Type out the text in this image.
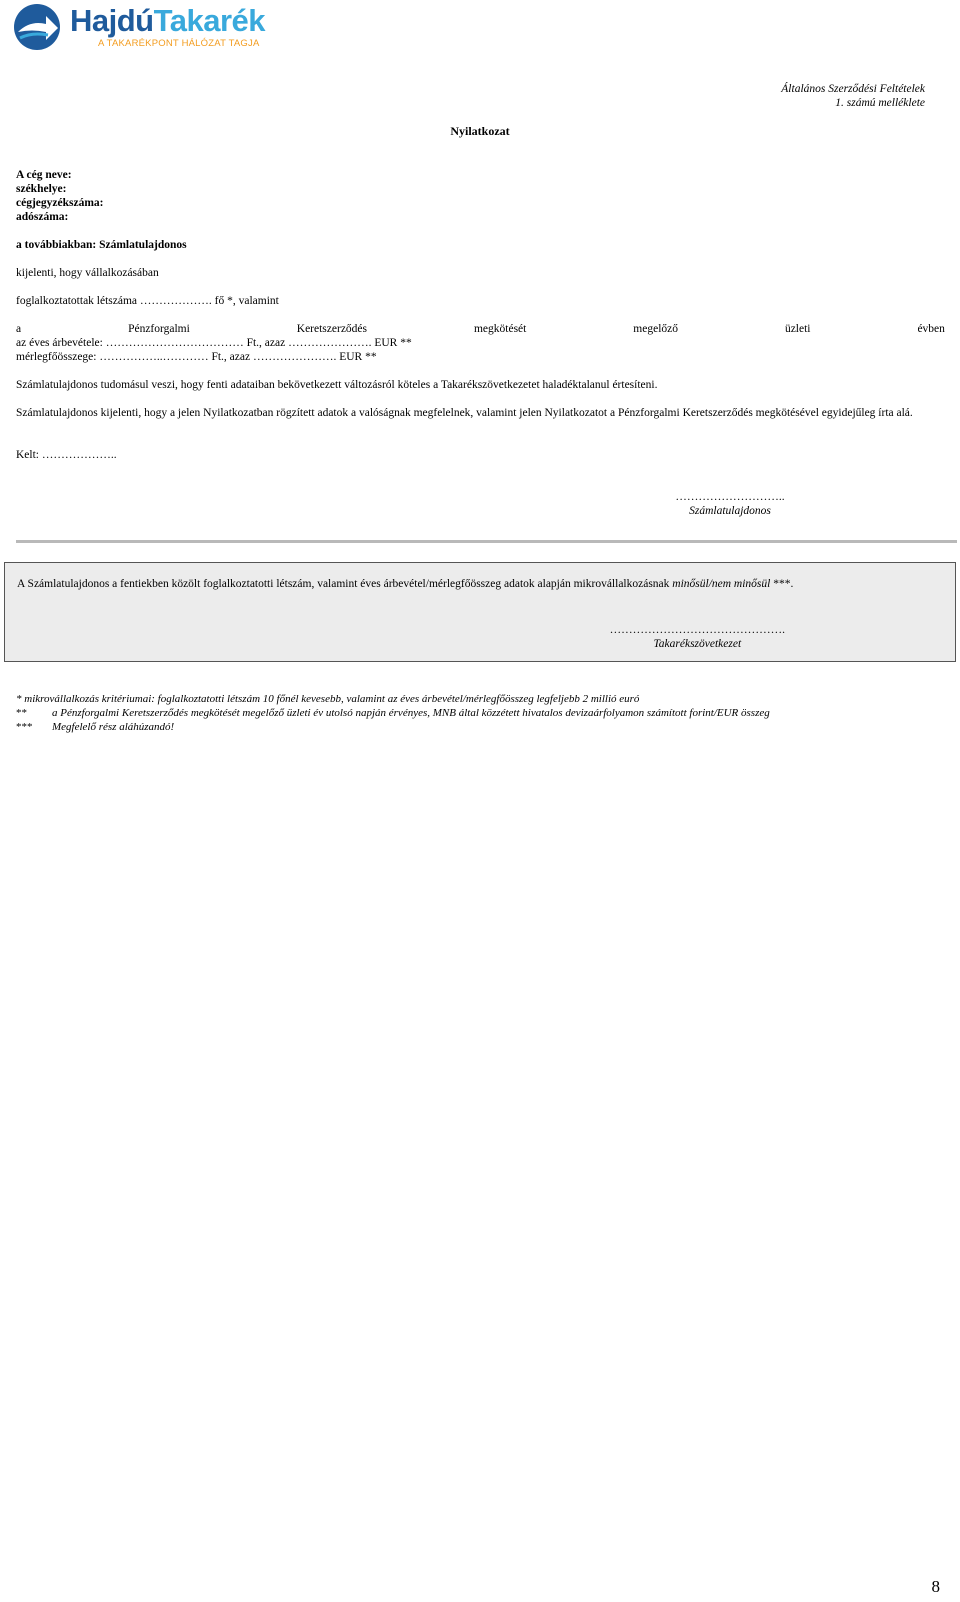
HajdúTakarék
A TAKARÉKPONT HÁLÓZAT TAGJA
Általános Szerződési Feltételek
1. számú melléklete
Nyilatkozat
A cég neve:
székhelye:
cégjegyzékszáma:
adószáma:
a továbbiakban: Számlatulajdonos
kijelenti, hogy vállalkozásában
foglalkoztatottak létszáma ………………. fő *, valamint
a	Pénzforgalmi	Keretszerződés	megkötését	megelőző	üzleti	évben
az éves árbevétele: ……………………………… Ft., azaz …………………. EUR **
mérlegfőösszege: ……………..………… Ft., azaz …………………. EUR **
Számlatulajdonos tudomásul veszi, hogy fenti adataiban bekövetkezett változásról köteles a Takarékszövetkezetet haladéktalanul értesíteni.
Számlatulajdonos kijelenti, hogy a jelen Nyilatkozatban rögzített adatok a valóságnak megfelelnek, valamint jelen Nyilatkozatot a Pénzforgalmi Keretszerződés megkötésével egyidejűleg írta alá.
Kelt: ………………..
………………………..
Számlatulajdonos
A Számlatulajdonos a fentiekben közölt foglalkoztatotti létszám, valamint éves árbevétel/mérlegfőösszeg adatok alapján mikrovállalkozásnak minősül/nem minősül ***.
……………………………………….
Takarékszövetkezet
* mikrovállalkozás kritériumai: foglalkoztatotti létszám 10 főnél kevesebb, valamint az éves árbevétel/mérlegfőösszeg legfeljebb 2 millió euró
** a Pénzforgalmi Keretszerződés megkötését megelőző üzleti év utolsó napján érvényes, MNB által közzétett hivatalos devizaárfolyamon számított forint/EUR összeg
*** Megfelelő rész aláhúzandó!
8
